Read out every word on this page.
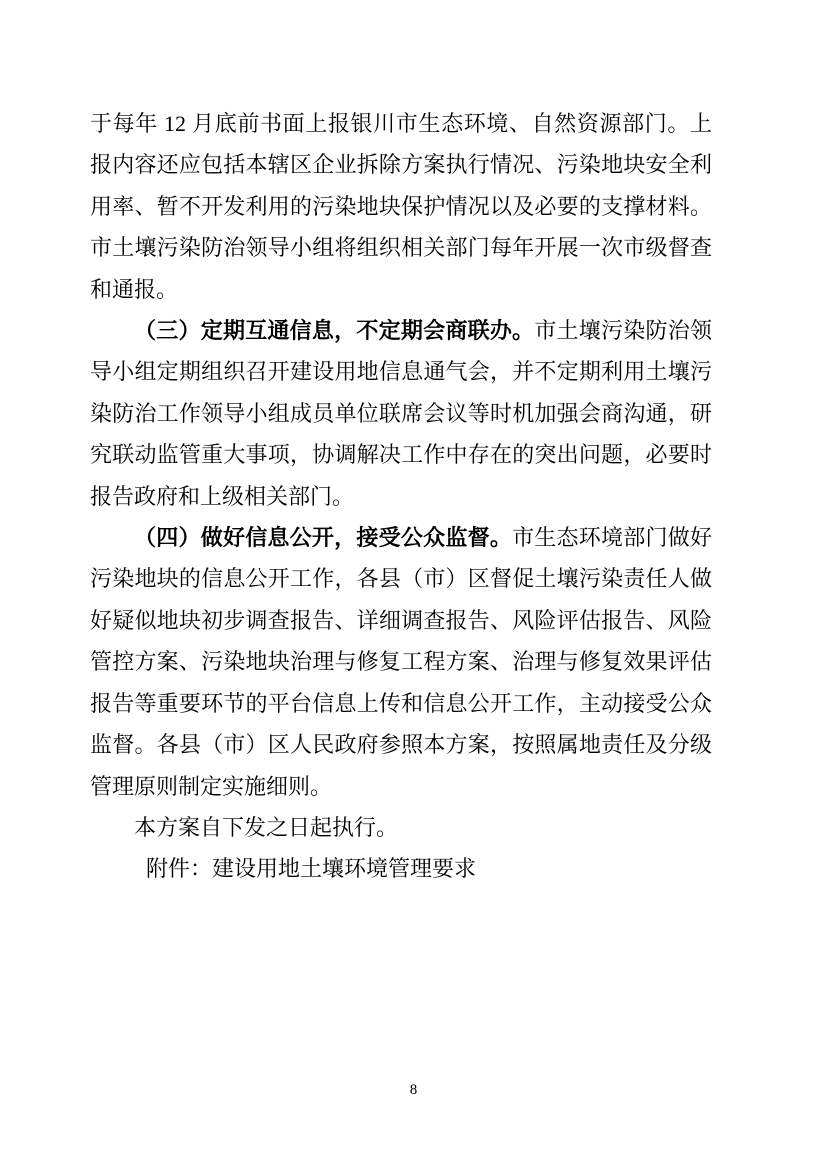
于每年 12 月底前书面上报银川市生态环境、自然资源部门。上报内容还应包括本辖区企业拆除方案执行情况、污染地块安全利用率、暂不开发利用的污染地块保护情况以及必要的支撑材料。市土壤污染防治领导小组将组织相关部门每年开展一次市级督查和通报。

（三）定期互通信息，不定期会商联办。市土壤污染防治领导小组定期组织召开建设用地信息通气会，并不定期利用土壤污染防治工作领导小组成员单位联席会议等时机加强会商沟通，研究联动监管重大事项，协调解决工作中存在的突出问题，必要时报告政府和上级相关部门。

（四）做好信息公开，接受公众监督。市生态环境部门做好污染地块的信息公开工作，各县（市）区督促土壤污染责任人做好疑似地块初步调查报告、详细调查报告、风险评估报告、风险管控方案、污染地块治理与修复工程方案、治理与修复效果评估报告等重要环节的平台信息上传和信息公开工作，主动接受公众监督。各县（市）区人民政府参照本方案，按照属地责任及分级管理原则制定实施细则。

本方案自下发之日起执行。

附件：建设用地土壤环境管理要求

8
